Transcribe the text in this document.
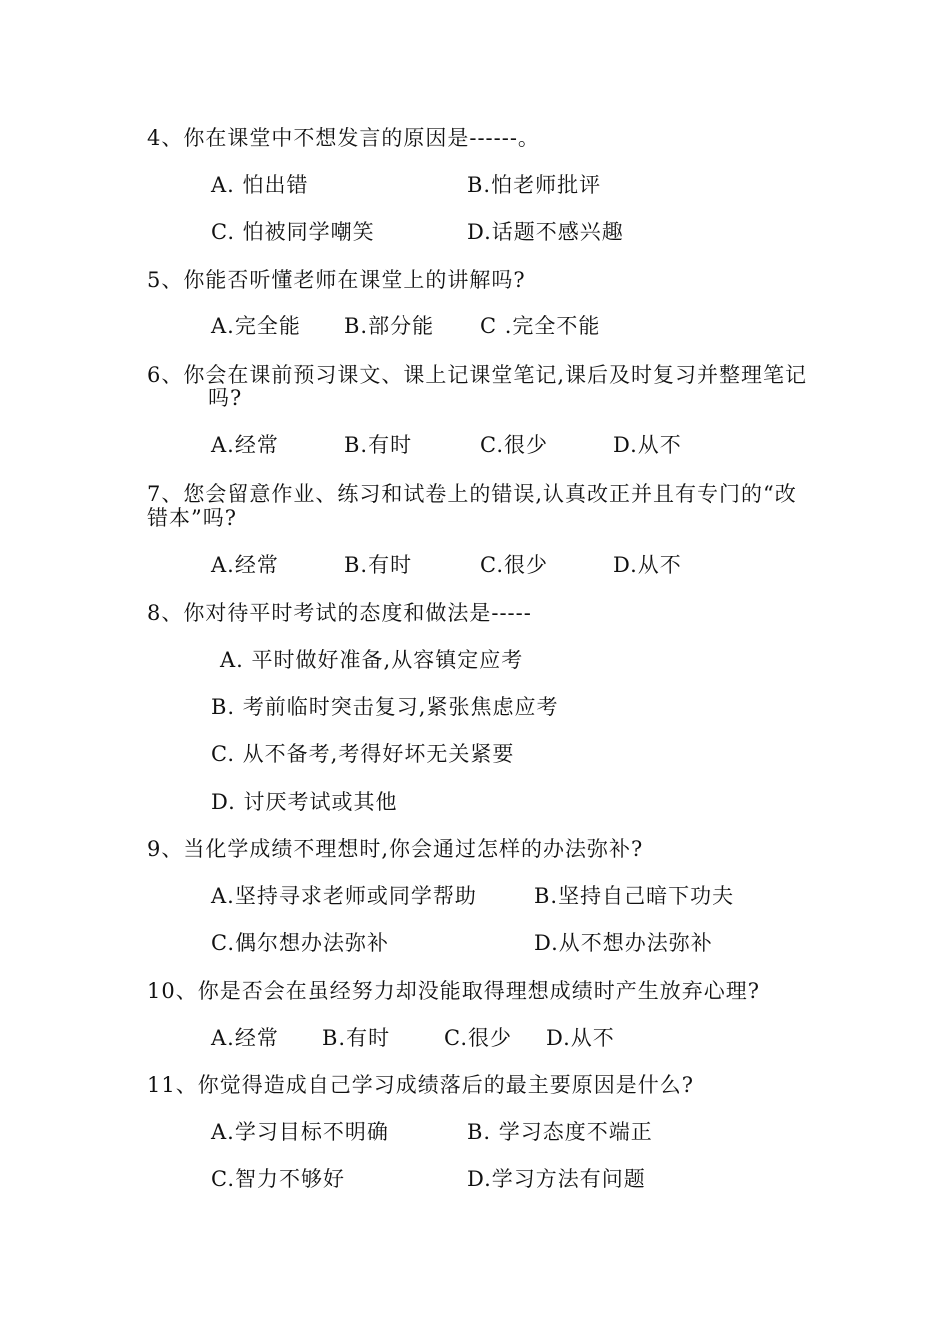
4、你在课堂中不想发言的原因是------。
A. 怕出错	B.怕老师批评
C. 怕被同学嘲笑	D.话题不感兴趣
5、你能否听懂老师在课堂上的讲解吗?
A.完全能 B.部分能 C .完全不能
6、你会在课前预习课文、课上记课堂笔记,课后及时复习并整理笔记
吗?
A.经常	B.有时	C.很少	D.从不
7、您会留意作业、练习和试卷上的错误,认真改正并且有专门的“改
错本”吗?
A.经常	B.有时	C.很少	D.从不
8、你对待平时考试的态度和做法是-----
A. 平时做好准备,从容镇定应考
B. 考前临时突击复习,紧张焦虑应考
C. 从不备考,考得好坏无关紧要
D. 讨厌考试或其他
9、当化学成绩不理想时,你会通过怎样的办法弥补?
A.坚持寻求老师或同学帮助	B.坚持自己暗下功夫
C.偶尔想办法弥补	D.从不想办法弥补
10、你是否会在虽经努力却没能取得理想成绩时产生放弃心理?
A.经常 B.有时	C.很少 D.从不
11、你觉得造成自己学习成绩落后的最主要原因是什么?
A.学习目标不明确	B. 学习态度不端正
C.智力不够好	D.学习方法有问题
